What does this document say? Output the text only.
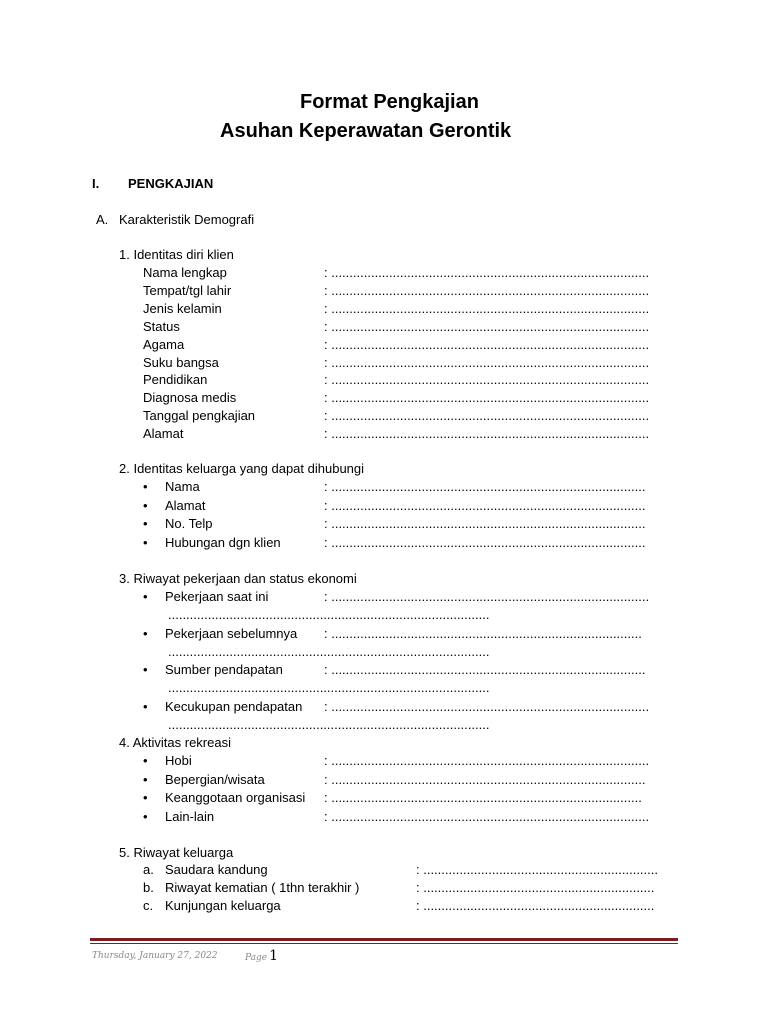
Format Pengkajian
Asuhan Keperawatan Gerontik
I. PENGKAJIAN
A. Karakteristik Demografi
1. Identitas diri klien
Nama lengkap	: ........................................................................................
Tempat/tgl lahir	: ........................................................................................
Jenis kelamin	: ........................................................................................
Status	: ........................................................................................
Agama	: ........................................................................................
Suku bangsa	: ........................................................................................
Pendidikan	: ........................................................................................
Diagnosa medis	: ........................................................................................
Tanggal pengkajian	: ........................................................................................
Alamat	: ........................................................................................
2. Identitas keluarga yang dapat dihubungi
• Nama	: .......................................................................................
• Alamat	: .......................................................................................
• No. Telp	: .......................................................................................
• Hubungan dgn klien	: .......................................................................................
3. Riwayat pekerjaan dan status ekonomi
• Pekerjaan saat ini	: ........................................................................................
.........................................................................................
• Pekerjaan sebelumnya : ......................................................................................
.........................................................................................
• Sumber pendapatan	: .......................................................................................
.........................................................................................
• Kecukupan pendapatan : ........................................................................................
.........................................................................................
4. Aktivitas rekreasi
• Hobi	: ........................................................................................
• Bepergian/wisata	: .......................................................................................
• Keanggotaan organisasi : ......................................................................................
• Lain-lain	: ........................................................................................
5. Riwayat keluarga
a. Saudara kandung	: .................................................................
b. Riwayat kematian ( 1thn terakhir )	: ................................................................
c. Kunjungan keluarga	: ................................................................
Thursday, January 27, 2022	Page 1
